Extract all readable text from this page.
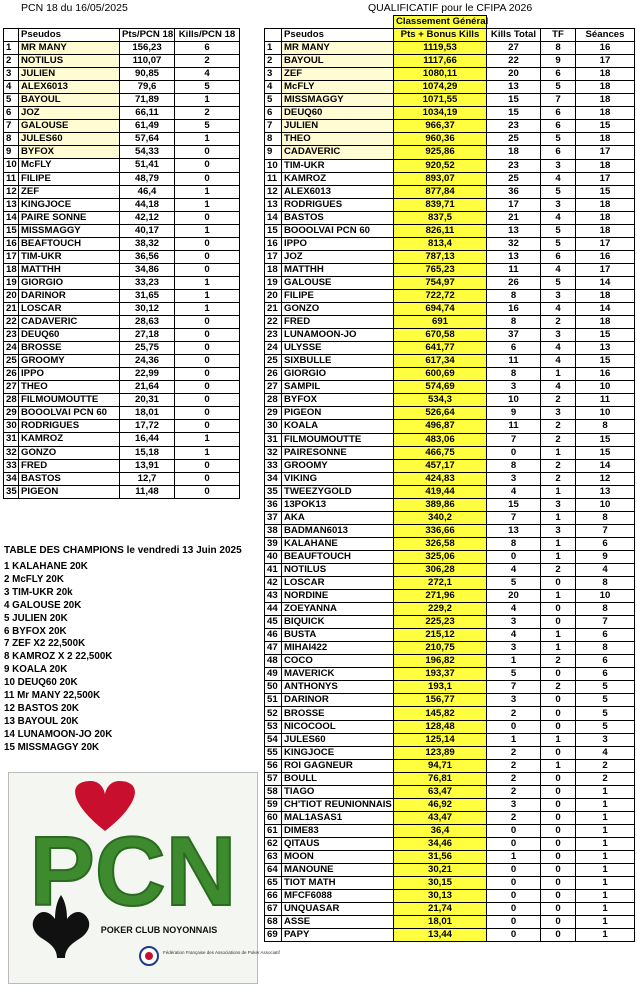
PCN 18 du 16/05/2025	QUALIFICATIF pour le CFIPA 2026
	Pseudos	Pts/PCN 18	Kills/PCN 18
1	MR MANY	156,23	6
2	NOTILUS	110,07	2
3	JULIEN	90,85	4
4	ALEX6013	79,6	5
5	BAYOUL	71,89	1
6	JOZ	66,11	2
7	GALOUSE	61,49	5
8	JULES60	57,64	1
9	BYFOX	54,33	0
10	McFLY	51,41	0
11	FILIPE	48,79	0
12	ZEF	46,4	1
13	KINGJOCE	44,18	1
14	PAIRE SONNE	42,12	0
15	MISSMAGGY	40,17	1
16	BEAFTOUCH	38,32	0
17	TIM-UKR	36,56	0
18	MATTHH	34,86	0
19	GIORGIO	33,23	1
20	DARINOR	31,65	1
21	LOSCAR	30,12	1
22	CADAVERIC	28,63	0
23	DEUQ60	27,18	0
24	BROSSE	25,75	0
25	GROOMY	24,36	0
26	IPPO	22,99	0
27	THEO	21,64	0
28	FILMOUMOUTTE	20,31	0
29	BOOOLVAI PCN 60	18,01	0
30	RODRIGUES	17,72	0
31	KAMROZ	16,44	1
32	GONZO	15,18	1
33	FRED	13,91	0
34	BASTOS	12,7	0
35	PIGEON	11,48	0
		Classement Général			
	Pseudos	Pts + Bonus Kills	Kills Total	TF	Séances
1	MR MANY	1119,53	27	8	16
2	BAYOUL	1117,66	22	9	17
3	ZEF	1080,11	20	6	18
4	McFLY	1074,29	13	5	18
5	MISSMAGGY	1071,55	15	7	18
6	DEUQ60	1034,19	15	6	18
7	JULIEN	966,37	23	6	15
8	THEO	960,36	25	5	18
9	CADAVERIC	925,86	18	6	17
10	TIM-UKR	920,52	23	3	18
11	KAMROZ	893,07	25	4	17
12	ALEX6013	877,84	36	5	15
13	RODRIGUES	839,71	17	3	18
14	BASTOS	837,5	21	4	18
15	BOOOLVAI PCN 60	826,11	13	5	18
16	IPPO	813,4	32	5	17
17	JOZ	787,13	13	6	16
18	MATTHH	765,23	11	4	17
19	GALOUSE	754,97	26	5	14
20	FILIPE	722,72	8	3	18
21	GONZO	694,74	16	4	14
22	FRED	691	8	2	18
23	LUNAMOON-JO	670,58	37	3	15
24	ULYSSE	641,77	6	4	13
25	SIXBULLE	617,34	11	4	15
26	GIORGIO	600,69	8	1	16
27	SAMPIL	574,69	3	4	10
28	BYFOX	534,3	10	2	11
29	PIGEON	526,64	9	3	10
30	KOALA	496,87	11	2	8
31	FILMOUMOUTTE	483,06	7	2	15
32	PAIRESONNE	466,75	0	1	15
33	GROOMY	457,17	8	2	14
34	VIKING	424,83	3	2	12
35	TWEEZYGOLD	419,44	4	1	13
36	13POK13	389,86	15	3	10
37	AKA	340,2	7	1	8
38	BADMAN6013	336,66	13	3	7
39	KALAHANE	326,58	8	1	6
40	BEAUFTOUCH	325,06	0	1	9
41	NOTILUS	306,28	4	2	4
42	LOSCAR	272,1	5	0	8
43	NORDINE	271,96	20	1	10
44	ZOEYANNA	229,2	4	0	8
45	BIQUICK	225,23	3	0	7
46	BUSTA	215,12	4	1	6
47	MIHAI422	210,75	3	1	8
48	COCO	196,82	1	2	6
49	MAVERICK	193,37	5	0	6
50	ANTHONYS	193,1	7	2	5
51	DARINOR	156,77	3	0	5
52	BROSSE	145,82	2	0	5
53	NICOCOOL	128,48	0	0	5
54	JULES60	125,14	1	1	3
55	KINGJOCE	123,89	2	0	4
56	ROI GAGNEUR	94,71	2	1	2
57	BOULL	76,81	2	0	2
58	TIAGO	63,47	2	0	1
59	CH'TIOT REUNIONNAIS	46,92	3	0	1
60	MAL1ASAS1	43,47	2	0	1
61	DIME83	36,4	0	0	1
62	QITAUS	34,46	0	0	1
63	MOON	31,56	1	0	1
64	MANOUNE	30,21	0	0	1
65	TIOT MATH	30,15	0	0	1
66	MFCF6088	30,13	0	0	1
67	UNQUASAR	21,74	0	0	1
68	ASSE	18,01	0	0	1
69	PAPY	13,44	0	0	1
TABLE DES CHAMPIONS le vendredi 13 Juin 2025
1 KALAHANE 20K
2 McFLY 20K
3 TIM-UKR 20k
4 GALOUSE 20K
5 JULIEN 20K
6 BYFOX 20K
7 ZEF X2 22,500K
8 KAMROZ X 2 22,500K
9 KOALA 20K
10 DEUQ60 20K
11 Mr MANY 22,500K
12 BASTOS 20K
13 BAYOUL 20K
14 LUNAMOON-JO 20K
15 MISSMAGGY 20K
PCN
POKER CLUB NOYONNAIS
Fédération Française des Associations de Poker Associatif
